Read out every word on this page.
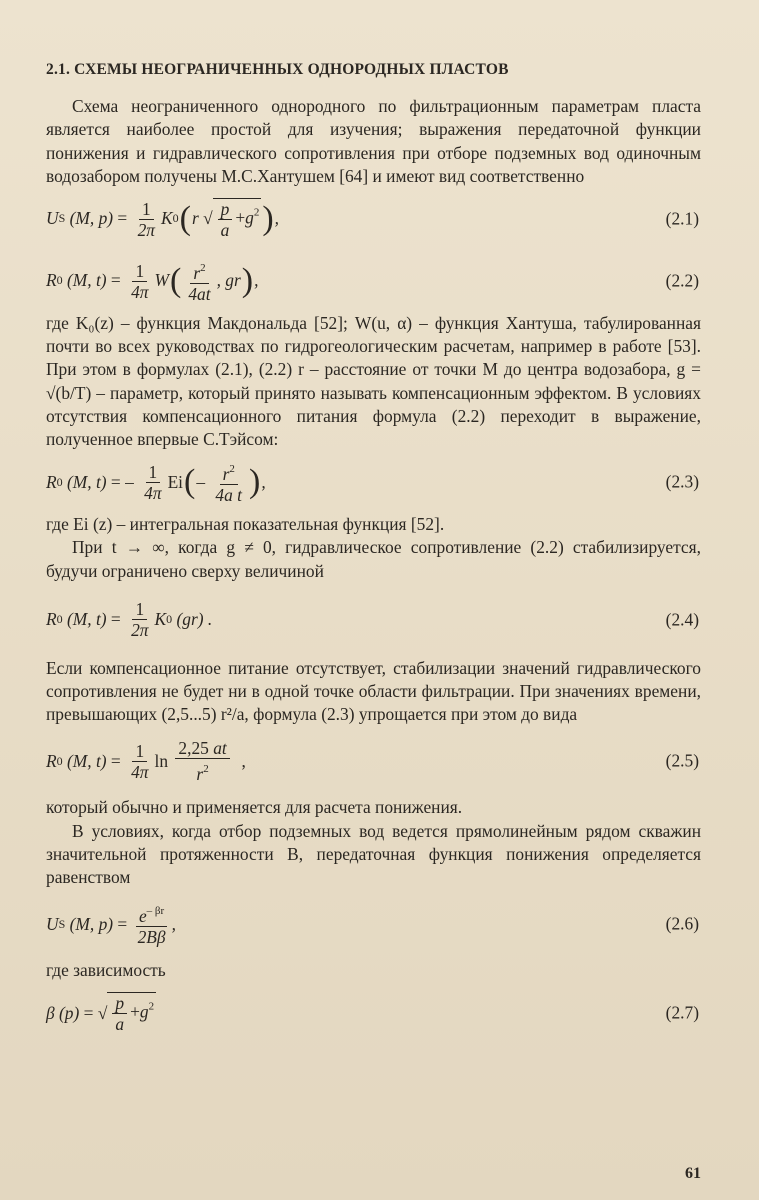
2.1. СХЕМЫ НЕОГРАНИЧЕННЫХ ОДНОРОДНЫХ ПЛАСТОВ

Схема неограниченного однородного по фильтрационным параметрам пласта является наиболее простой для изучения; выражения передаточной функции понижения и гидравлического сопротивления при отборе подземных вод одиночным водозабором получены М.С.Хантушем [64] и имеют вид соответственно

U S (M, p) =
$\frac{1}{2\pi}$ K 0 ( r √ $\frac{p}{a} +g^2$ ) ,	(2.1)
R 0 (M, t) =
$\frac{1}{4\pi}$ W ( $\frac{r^2}{4at}$ , gr ) ,	(2.2)

где K₀(z) – функция Макдональда [52]; W(u, α) – функция Хантуша, табулированная почти во всех руководствах по гидрогеологическим расчетам, например в работе [53]. При этом в формулах (2.1), (2.2) r – расстояние от точки M до центра водозабора, g = √(b/T) – параметр, который принято называть компенсационным эффектом. В условиях отсутствия компенсационного питания формула (2.2) переходит в выражение, полученное впервые С.Тэйсом:

R 0 (M, t) = –
$\frac{1}{4\pi}$ Ei ( –
$\frac{r^2}{\text{4a t}}$ ) ,	(2.3)

где Ei (z) – интегральная показательная функция [52].

При t → ∞, когда g ≠ 0, гидравлическое сопротивление (2.2) стабилизируется, будучи ограничено сверху величиной

R 0 (M, t) =
$\frac{1}{2\pi}$ K 0 (gr) .	(2.4)

Если компенсационное питание отсутствует, стабилизации значений гидравлического сопротивления не будет ни в одной точке области фильтрации. При значениях времени, превышающих (2,5...5) r²/a, формула (2.3) упрощается при этом до вида

R 0 (M, t) =
$\frac{1}{4\pi}$ ln
$\frac{2,25 at}{r^2}$
,	(2.5)

который обычно и применяется для расчета понижения.

В условиях, когда отбор подземных вод ведется прямолинейным рядом скважин значительной протяженности B, передаточная функция понижения определяется равенством

U S (M, p) =
$\frac{e^{- \beta r}}{2B\beta}$ ,	(2.6)

где зависимость

β (p) =
√ $\frac{p}{a} +g^2$	(2.7)
61
